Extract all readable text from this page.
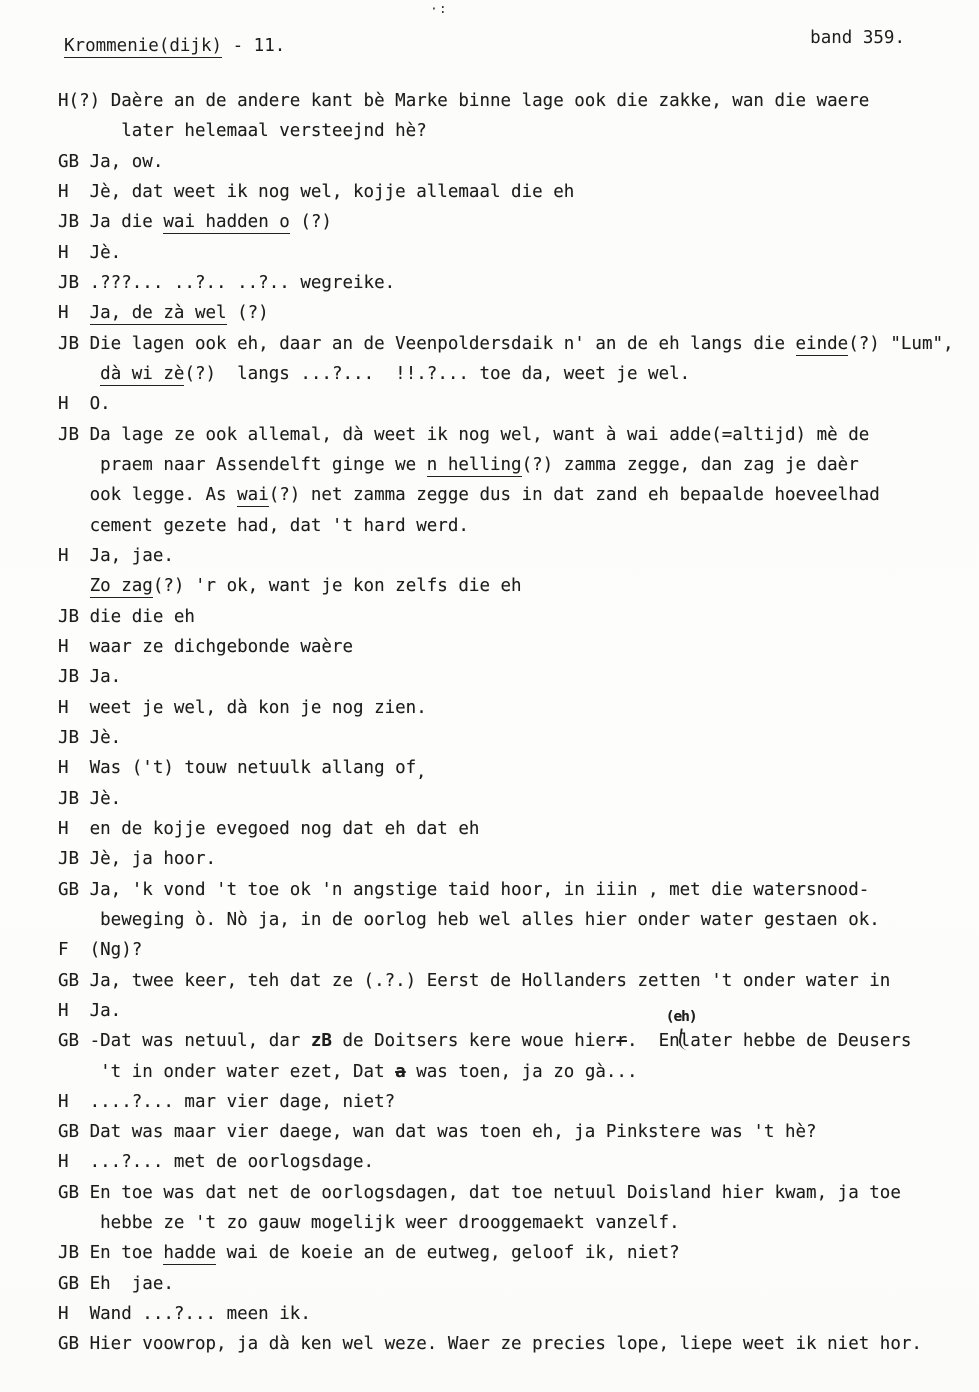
·:
Krommenie(dijk) - 11.	band 359.
H(?) Daère an de andere kant bè Marke binne lage ook die zakke, wan die waere
later helemaal versteejnd hè?
GB Ja, ow.
H  Jè, dat weet ik nog wel, kojje allemaal die eh
JB Ja die wai hadden o (?)
H  Jè.
JB .???... ..?.. ..?.. wegreike.
H  Ja, de zà wel (?)
JB Die lagen ook eh, daar an de Veenpoldersdaik n' an de eh langs die einde(?) "Lum",
dà wi zè(?)  langs ...?...  !!.?... toe da, weet je wel.
H  O.
JB Da lage ze ook allemal, dà weet ik nog wel, want à wai adde(=altijd) mè de
praem naar Assendelft ginge we n helling(?) zamma zegge, dan zag je daèr
ook legge. As wai(?) net zamma zegge dus in dat zand eh bepaalde hoeveelhad
cement gezete had, dat 't hard werd.
H  Ja, jae.
Zo zag(?) 'r ok, want je kon zelfs die eh
JB die die eh
H  waar ze dichgebonde waère
JB Ja.
H  weet je wel, dà kon je nog zien.
JB Jè.
H  Was ('t) touw netuulk allang of,
JB Jè.
H  en de kojje evegoed nog dat eh dat eh
JB Jè, ja hoor.
GB Ja, 'k vond 't toe ok 'n angstige taid hoor, in iiin , met die watersnood-
beweging ò. Nò ja, in de oorlog heb wel alles hier onder water gestaen ok.
F  (Ng)?
GB Ja, twee keer, teh dat ze (.?.) Eerst de Hollanders zetten 't onder water in
H  Ja.
GB -Dat was netuul, dar zB de Doitsers kere woue hierr.  En
(eh)
later hebbe de Deusers
't in onder water ezet, Dat a was toen, ja zo gà...
H  ....?... mar vier dage, niet?
GB Dat was maar vier daege, wan dat was toen eh, ja Pinkstere was 't hè?
H  ...?... met de oorlogsdage.
GB En toe was dat net de oorlogsdagen, dat toe netuul Doisland hier kwam, ja toe
hebbe ze 't zo gauw mogelijk weer drooggemaekt vanzelf.
JB En toe hadde wai de koeie an de eutweg, geloof ik, niet?
GB Eh  jae.
H  Wand ...?... meen ik.
GB Hier voowrop, ja dà ken wel weze. Waer ze precies lope, liepe weet ik niet hor.
